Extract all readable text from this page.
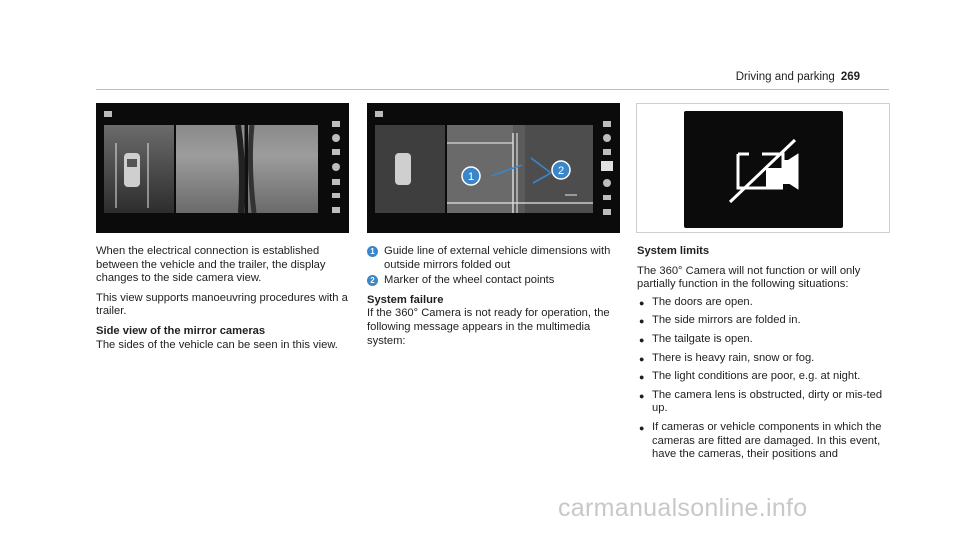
Driving and parking 269
1	2

When the electrical connection is established between the vehicle and the trailer, the display changes to the side camera view.

This view supports manoeuvring procedures with a trailer.

Side view of the mirror cameras

The sides of the vehicle can be seen in this view.

1 Guide line of external vehicle dimensions with outside mirrors folded out
2 Marker of the wheel contact points

System failure

If the 360° Camera is not ready for operation, the following message appears in the multimedia system:

System limits

The 360° Camera will not function or will only partially function in the following situations:

● The doors are open.
● The side mirrors are folded in.
● The tailgate is open.
● There is heavy rain, snow or fog.
● The light conditions are poor, e.g. at night.
● The camera lens is obstructed, dirty or mis-ted up.
● If cameras or vehicle components in which the cameras are fitted are damaged. In this event, have the cameras, their positions and
carmanualsonline.info
